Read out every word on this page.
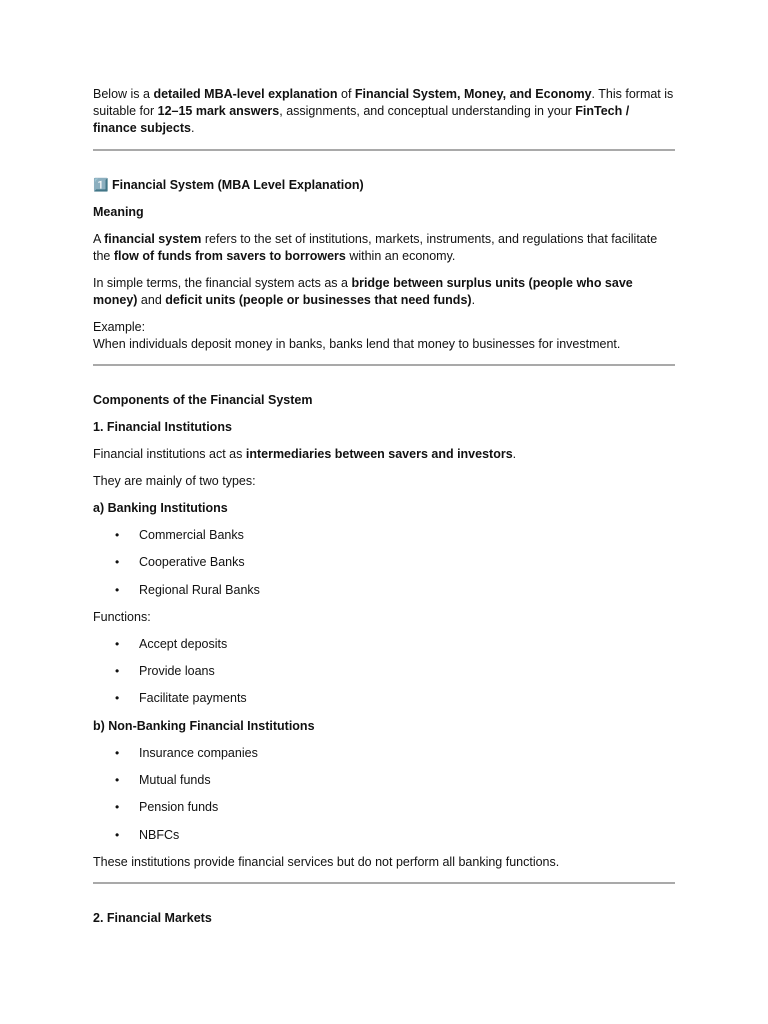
Below is a detailed MBA-level explanation of Financial System, Money, and Economy. This format is suitable for 12–15 mark answers, assignments, and conceptual understanding in your FinTech / finance subjects.

1️⃣ Financial System (MBA Level Explanation)

Meaning

A financial system refers to the set of institutions, markets, instruments, and regulations that facilitate the flow of funds from savers to borrowers within an economy.

In simple terms, the financial system acts as a bridge between surplus units (people who save money) and deficit units (people or businesses that need funds).

Example:

When individuals deposit money in banks, banks lend that money to businesses for investment.

Components of the Financial System

1. Financial Institutions

Financial institutions act as intermediaries between savers and investors.

They are mainly of two types:

a) Banking Institutions

• Commercial Banks
• Cooperative Banks
• Regional Rural Banks

Functions:

• Accept deposits
• Provide loans
• Facilitate payments

b) Non-Banking Financial Institutions

• Insurance companies
• Mutual funds
• Pension funds
• NBFCs

These institutions provide financial services but do not perform all banking functions.

2. Financial Markets
